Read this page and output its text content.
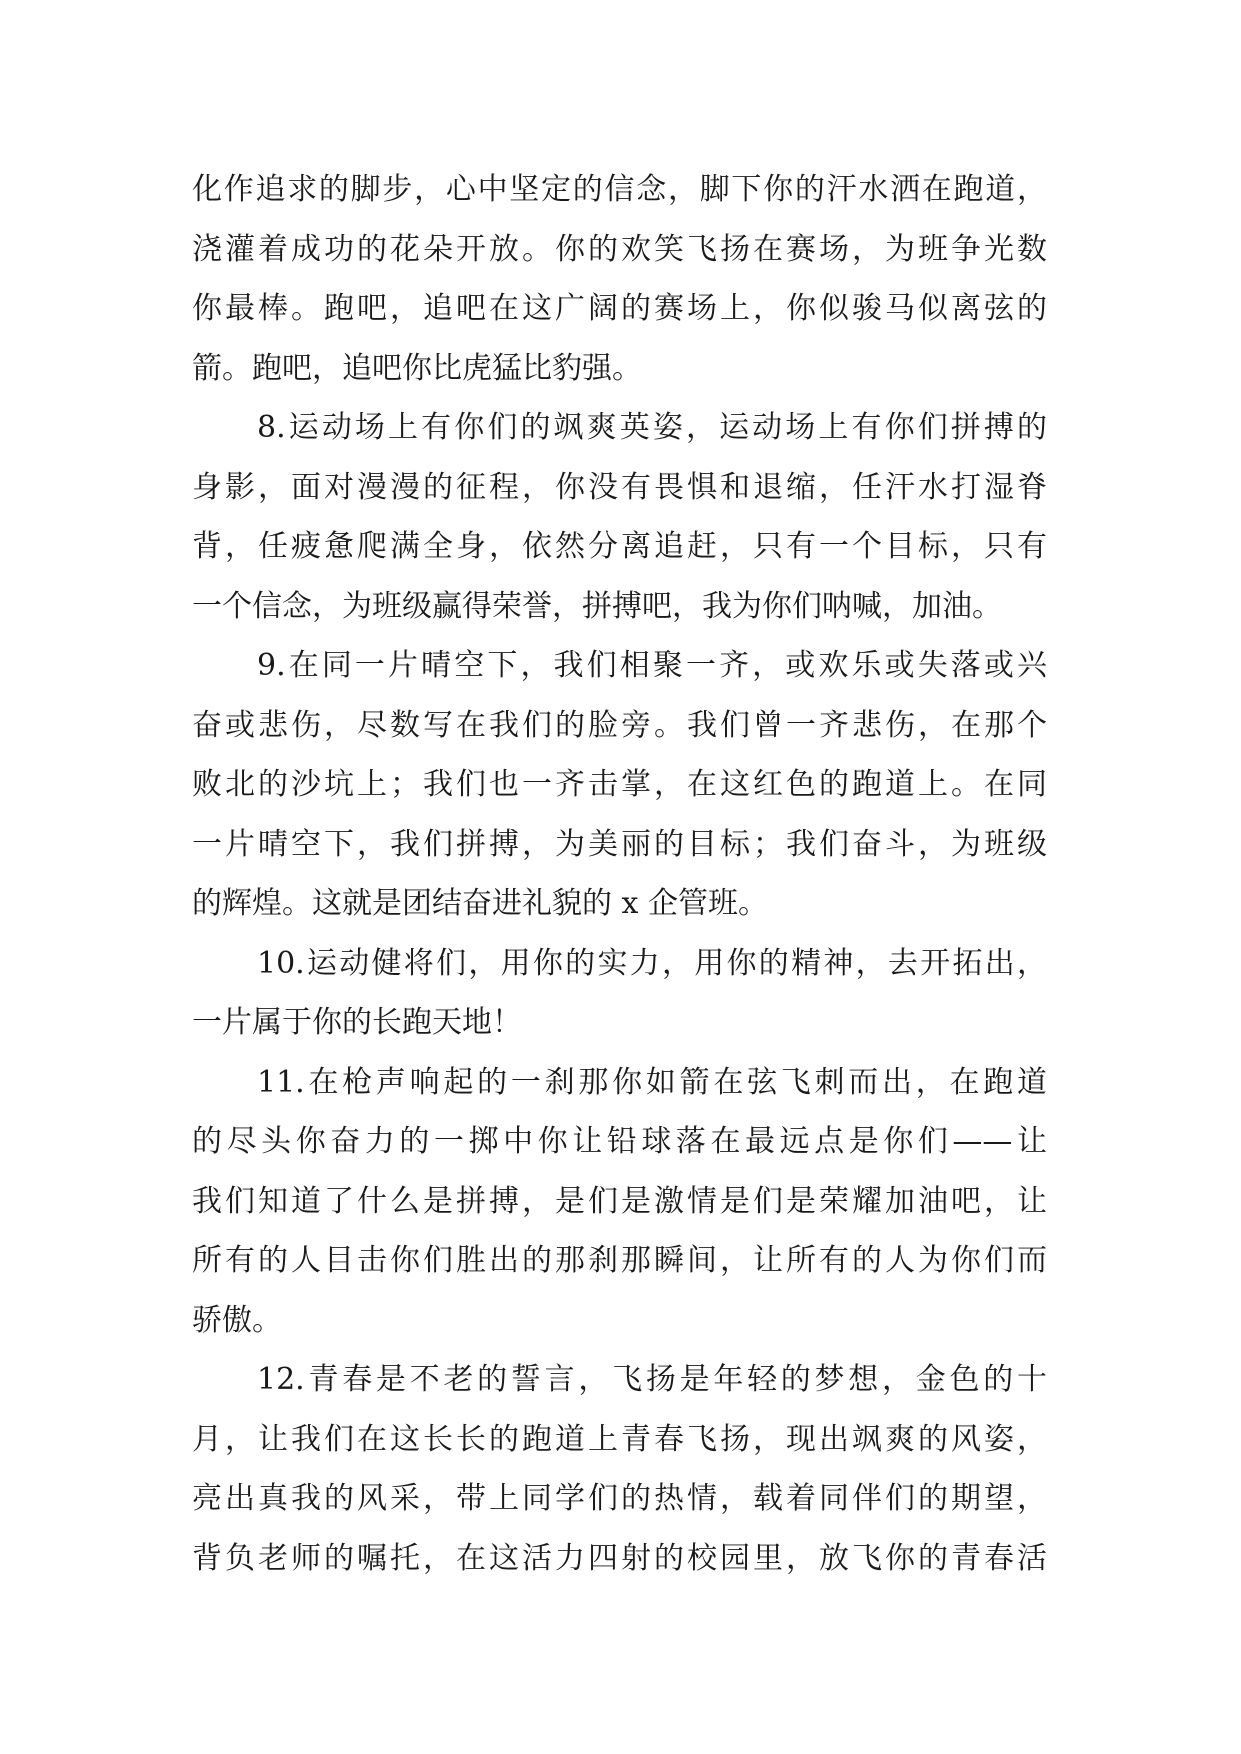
化作追求的脚步，心中坚定的信念，脚下你的汗水洒在跑道，
浇灌着成功的花朵开放。你的欢笑飞扬在赛场，为班争光数
你最棒。跑吧，追吧在这广阔的赛场上，你似骏马似离弦的
箭。跑吧，追吧你比虎猛比豹强。
8.运动场上有你们的飒爽英姿，运动场上有你们拼搏的
身影，面对漫漫的征程，你没有畏惧和退缩，任汗水打湿脊
背，任疲惫爬满全身，依然分离追赶，只有一个目标，只有
一个信念，为班级赢得荣誉，拼搏吧，我为你们呐喊，加油。
9.在同一片晴空下，我们相聚一齐，或欢乐或失落或兴
奋或悲伤，尽数写在我们的脸旁。我们曾一齐悲伤，在那个
败北的沙坑上；我们也一齐击掌，在这红色的跑道上。在同
一片晴空下，我们拼搏，为美丽的目标；我们奋斗，为班级
的辉煌。这就是团结奋进礼貌的 x 企管班。
10.运动健将们，用你的实力，用你的精神，去开拓出，
一片属于你的长跑天地！
11.在枪声响起的一刹那你如箭在弦飞刺而出，在跑道
的尽头你奋力的一掷中你让铅球落在最远点是你们——让
我们知道了什么是拼搏，是们是激情是们是荣耀加油吧，让
所有的人目击你们胜出的那刹那瞬间，让所有的人为你们而
骄傲。
12.青春是不老的誓言，飞扬是年轻的梦想，金色的十
月，让我们在这长长的跑道上青春飞扬，现出飒爽的风姿，
亮出真我的风采，带上同学们的热情，载着同伴们的期望，
背负老师的嘱托，在这活力四射的校园里，放飞你的青春活
